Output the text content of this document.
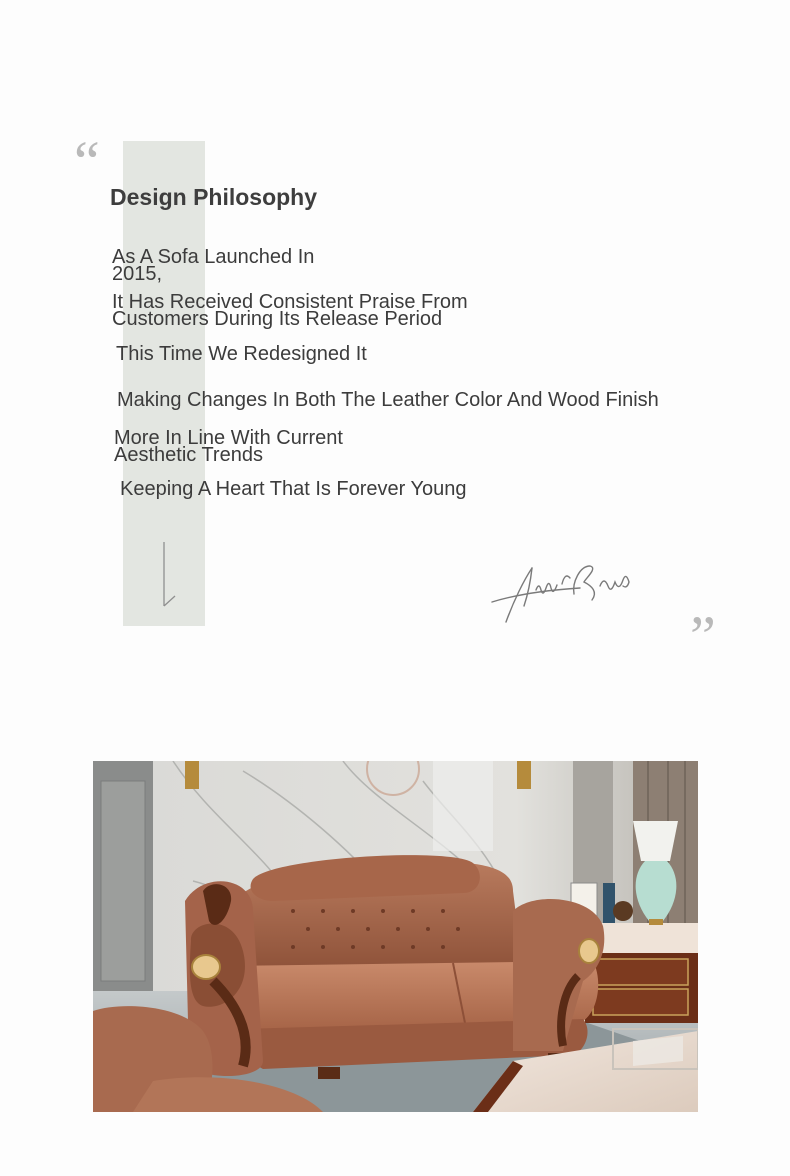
“
Design Philosophy

As A Sofa Launched In
2015,

It Has Received Consistent Praise From
Customers During Its Release Period

This Time We Redesigned It

Making Changes In Both The Leather Color And Wood Finish

More In Line With Current
Aesthetic Trends

Keeping A Heart That Is Forever Young

”
